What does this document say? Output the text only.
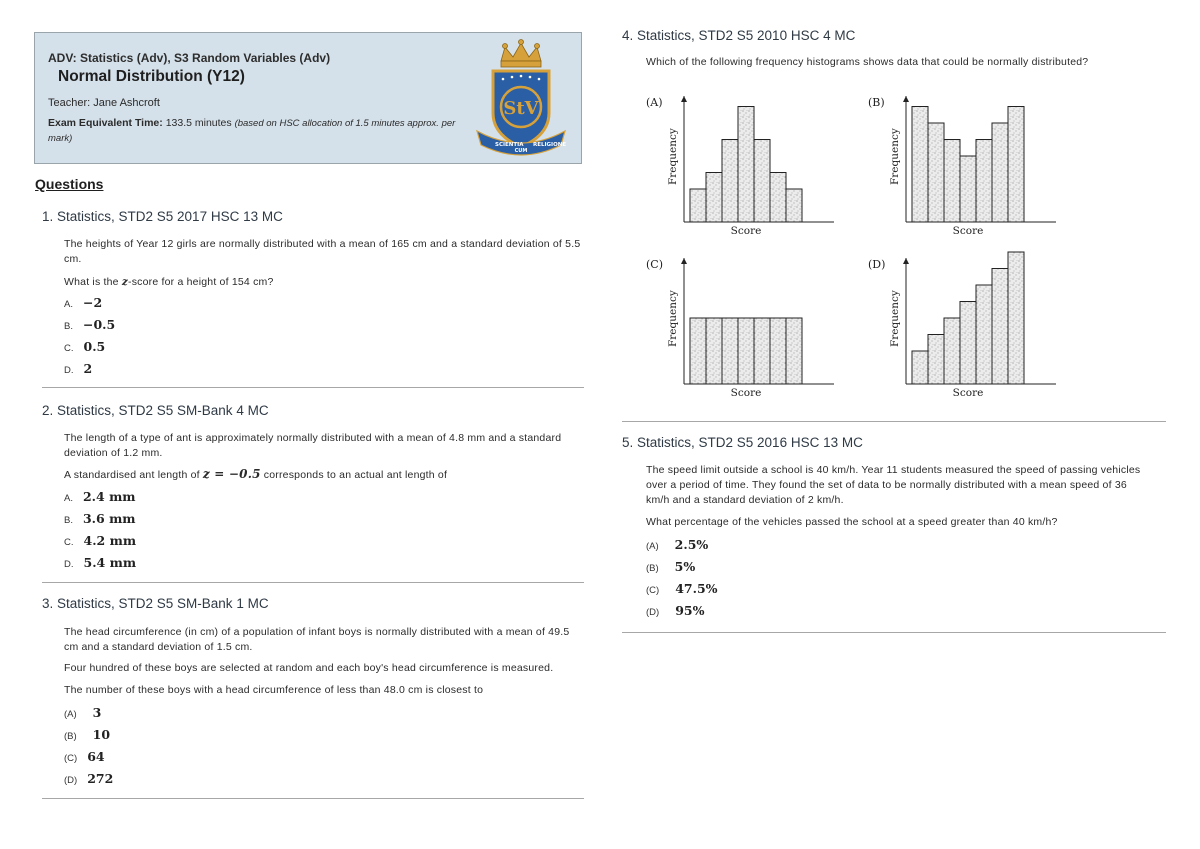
ADV: Statistics (Adv), S3 Random Variables (Adv)
Normal Distribution (Y12)
Teacher: Jane Ashcroft
Exam Equivalent Time: 133.5 minutes (based on HSC allocation of 1.5 minutes approx. per mark)
StV
SCIENTIA
CUM
RELIGIONE
Questions
1. Statistics, STD2 S5 2017 HSC 13 MC
The heights of Year 12 girls are normally distributed with a mean of 165 cm and a standard deviation of 5.5 cm.
What is the z-score for a height of 154 cm?
A. −2
B. −0.5
C. 0.5
D. 2
2. Statistics, STD2 S5 SM-Bank 4 MC
The length of a type of ant is approximately normally distributed with a mean of 4.8 mm and a standard deviation of 1.2 mm.
A standardised ant length of z = −0.5 corresponds to an actual ant length of
A. 2.4 mm
B. 3.6 mm
C. 4.2 mm
D. 5.4 mm
3. Statistics, STD2 S5 SM-Bank 1 MC
The head circumference (in cm) of a population of infant boys is normally distributed with a mean of 49.5 cm and a standard deviation of 1.5 cm.
Four hundred of these boys are selected at random and each boy's head circumference is measured.
The number of these boys with a head circumference of less than 48.0 cm is closest to
(A) 3
(B) 10
(C) 64
(D) 272
4. Statistics, STD2 S5 2010 HSC 4 MC
Which of the following frequency histograms shows data that could be normally distributed?
(A)
Frequency
Score
(B)
Frequency
Score
(C)
Frequency
Score
(D)
Frequency
Score
5. Statistics, STD2 S5 2016 HSC 13 MC
The speed limit outside a school is 40 km/h. Year 11 students measured the speed of passing vehicles over a period of time. They found the set of data to be normally distributed with a mean speed of 36 km/h and a standard deviation of 2 km/h.
What percentage of the vehicles passed the school at a speed greater than 40 km/h?
(A) 2.5%
(B) 5%
(C) 47.5%
(D) 95%
